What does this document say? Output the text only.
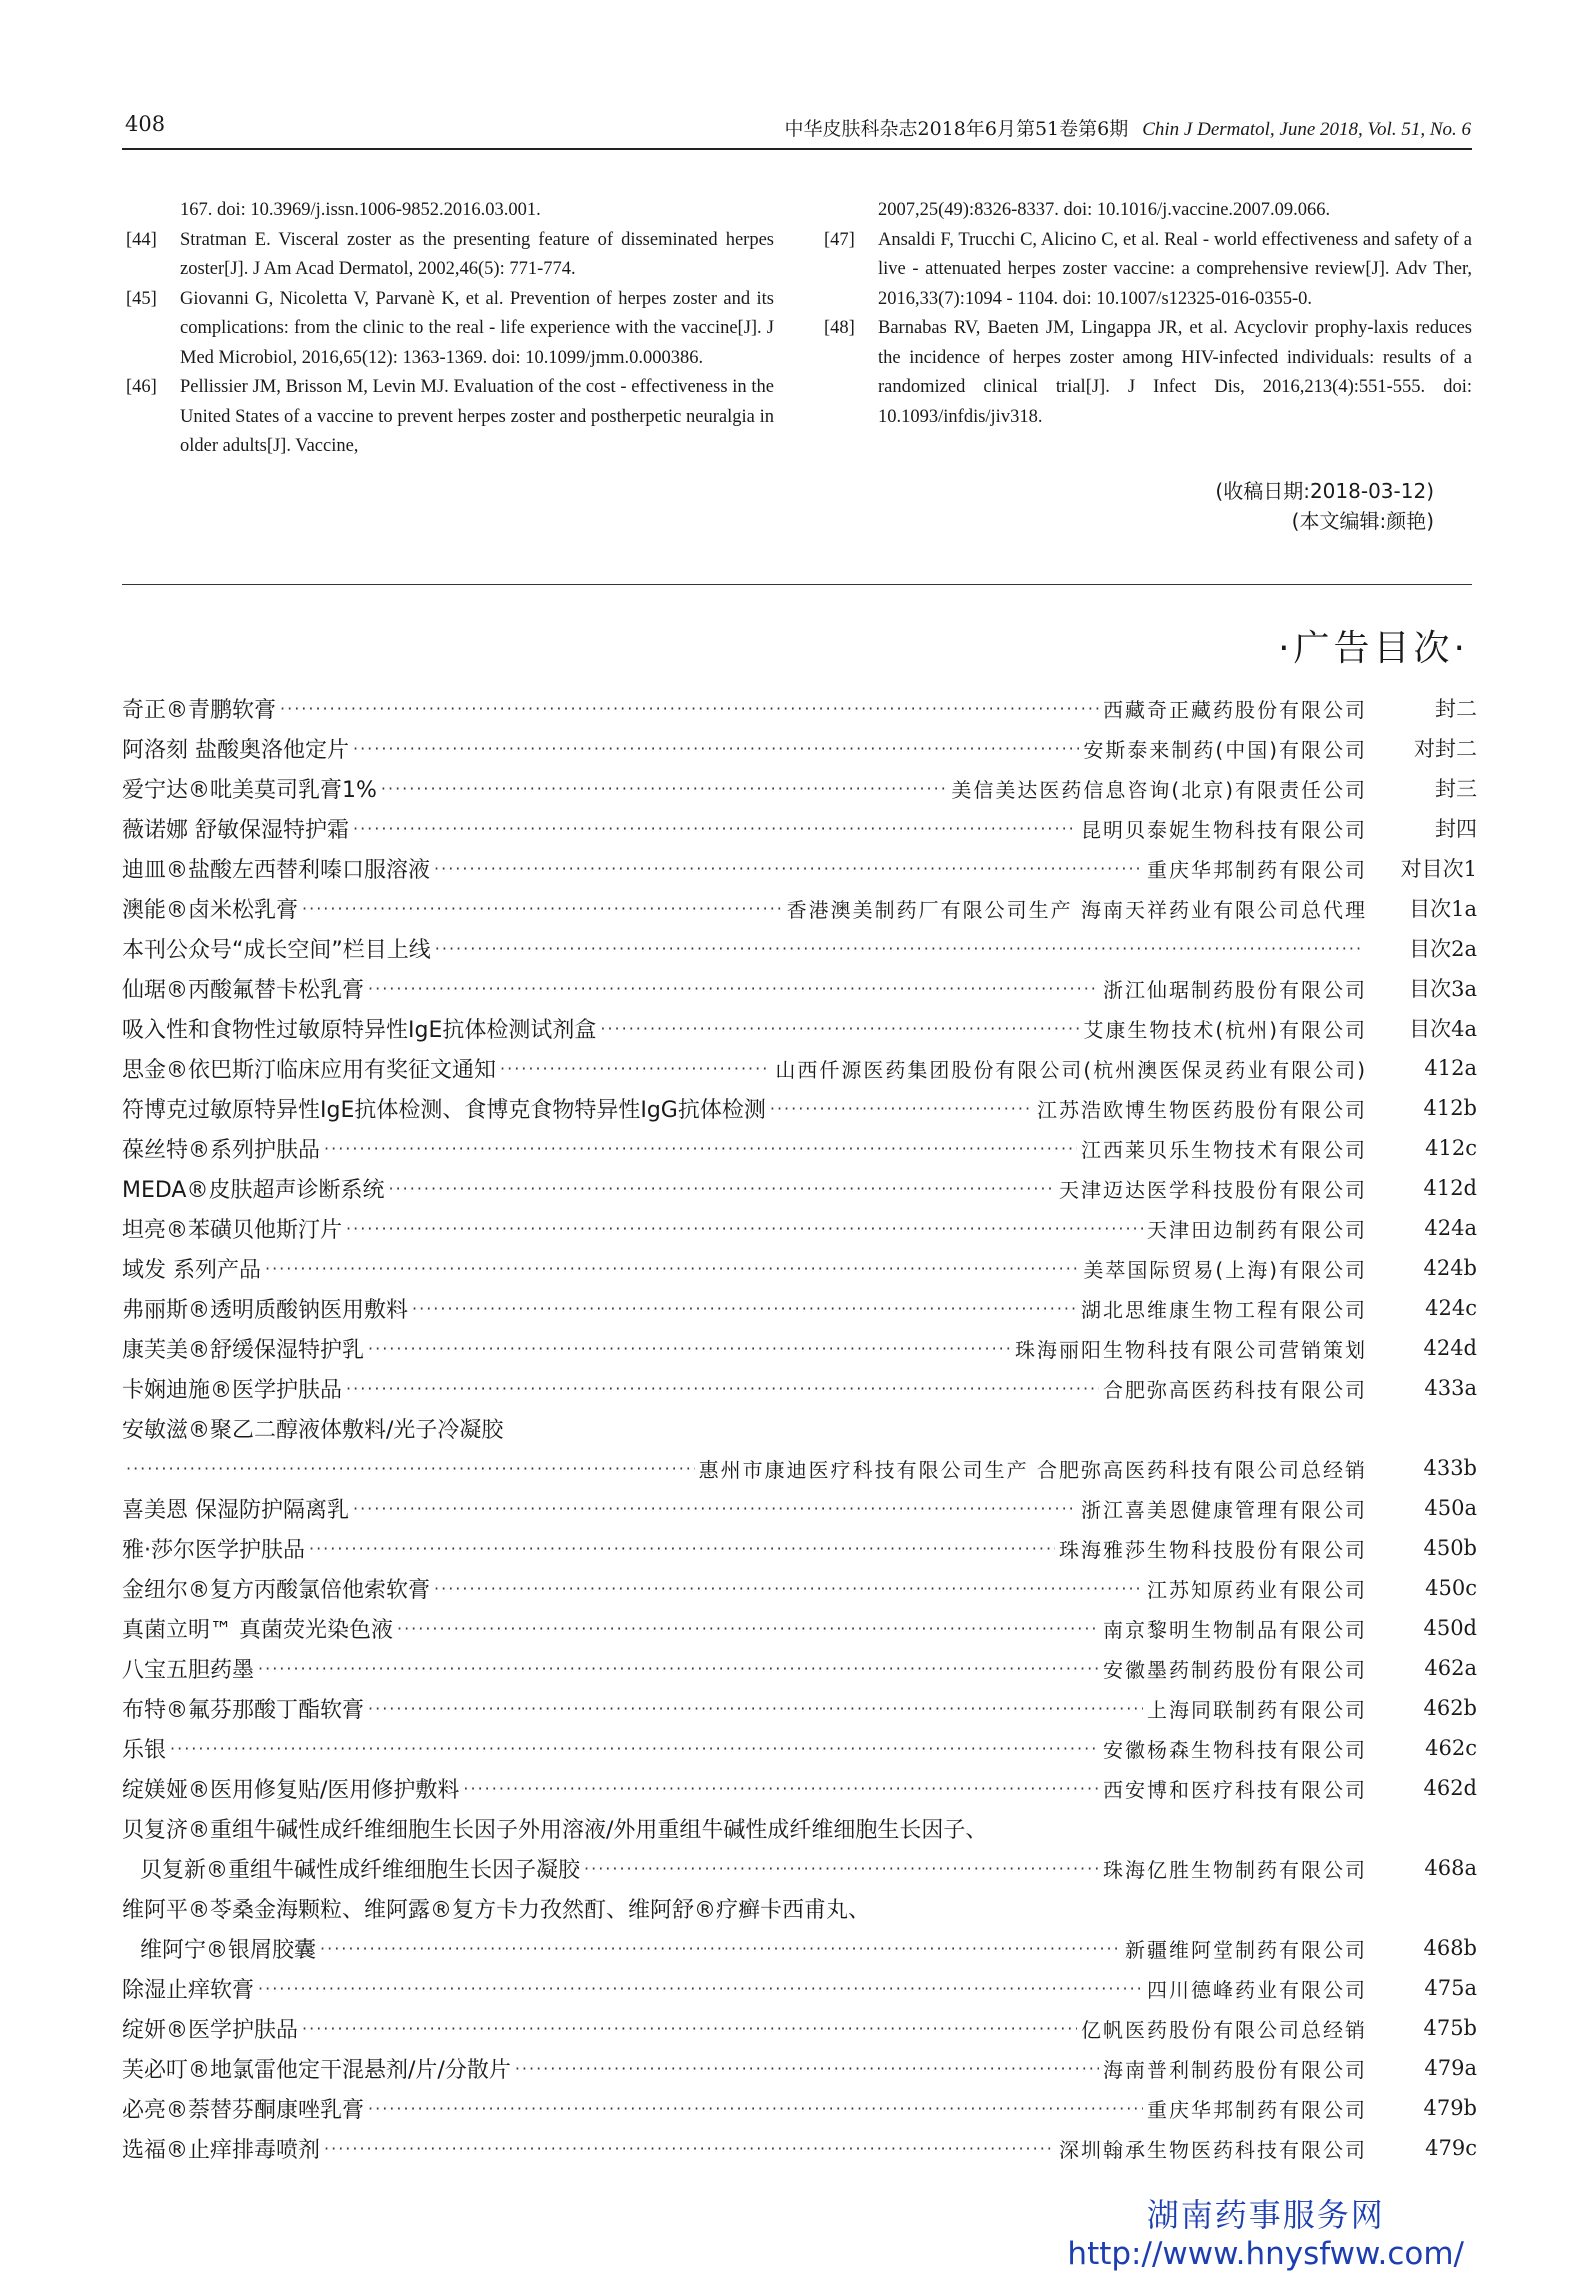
408	中华皮肤科杂志2018年6月第51卷第6期 Chin J Dermatol, June 2018, Vol. 51, No. 6
167. doi: 10.3969/j.issn.1006-9852.2016.03.001.
[44]	Stratman E. Visceral zoster as the presenting feature of disseminated herpes zoster[J]. J Am Acad Dermatol, 2002,46(5): 771-774.
[45]	Giovanni G, Nicoletta V, Parvanè K, et al. Prevention of herpes zoster and its complications: from the clinic to the real - life experience with the vaccine[J]. J Med Microbiol, 2016,65(12): 1363-1369. doi: 10.1099/jmm.0.000386.
[46]	Pellissier JM, Brisson M, Levin MJ. Evaluation of the cost - effectiveness in the United States of a vaccine to prevent herpes zoster and postherpetic neuralgia in older adults[J]. Vaccine,
2007,25(49):8326-8337. doi: 10.1016/j.vaccine.2007.09.066.
[47]	Ansaldi F, Trucchi C, Alicino C, et al. Real - world effectiveness and safety of a live - attenuated herpes zoster vaccine: a comprehensive review[J]. Adv Ther, 2016,33(7):1094 - 1104. doi: 10.1007/s12325-016-0355-0.
[48]	Barnabas RV, Baeten JM, Lingappa JR, et al. Acyclovir prophy-laxis reduces the incidence of herpes zoster among HIV-infected individuals: results of a randomized clinical trial[J]. J Infect Dis, 2016,213(4):551-555. doi: 10.1093/infdis/jiv318.
(收稿日期:2018-03-12)
(本文编辑:颜艳)
·广告目次·
奇正®青鹏软膏 ·····	西藏奇正藏药股份有限公司	封二
阿洛刻 盐酸奥洛他定片 ·····	安斯泰来制药(中国)有限公司	对封二
爱宁达®吡美莫司乳膏1% ·····	美信美达医药信息咨询(北京)有限责任公司	封三
薇诺娜 舒敏保湿特护霜 ·····	昆明贝泰妮生物科技有限公司	封四
迪皿®盐酸左西替利嗪口服溶液 ·····	重庆华邦制药有限公司	对目次1
澳能®卤米松乳膏 ·····	香港澳美制药厂有限公司生产 海南天祥药业有限公司总代理	目次1a
本刊公众号“成长空间”栏目上线 ·····	目次2a
仙琚®丙酸氟替卡松乳膏 ·····	浙江仙琚制药股份有限公司	目次3a
吸入性和食物性过敏原特异性IgE抗体检测试剂盒 ·····	艾康生物技术(杭州)有限公司	目次4a
思金®依巴斯汀临床应用有奖征文通知 ·····	山西仟源医药集团股份有限公司(杭州澳医保灵药业有限公司)	412a
符博克过敏原特异性IgE抗体检测、食博克食物特异性IgG抗体检测 ·····	江苏浩欧博生物医药股份有限公司	412b
葆丝特®系列护肤品 ·····	江西莱贝乐生物技术有限公司	412c
MEDA®皮肤超声诊断系统 ·····	天津迈达医学科技股份有限公司	412d
坦亮®苯磺贝他斯汀片 ·····	天津田边制药有限公司	424a
域发 系列产品 ·····	美萃国际贸易(上海)有限公司	424b
弗丽斯®透明质酸钠医用敷料 ·····	湖北思维康生物工程有限公司	424c
康芙美®舒缓保湿特护乳 ·····	珠海丽阳生物科技有限公司营销策划	424d
卡娴迪施®医学护肤品 ·····	合肥弥高医药科技有限公司	433a
安敏滋®聚乙二醇液体敷料/光子冷凝胶
·····
惠州市康迪医疗科技有限公司生产 合肥弥高医药科技有限公司总经销	433b
喜美恩 保湿防护隔离乳 ·····	浙江喜美恩健康管理有限公司	450a
雅·莎尔医学护肤品 ·····	珠海雅莎生物科技股份有限公司	450b
金纽尔®复方丙酸氯倍他索软膏 ·····	江苏知原药业有限公司	450c
真菌立明™ 真菌荧光染色液 ·····	南京黎明生物制品有限公司	450d
八宝五胆药墨 ·····	安徽墨药制药股份有限公司	462a
布特®氟芬那酸丁酯软膏 ·····	上海同联制药有限公司	462b
乐银 ·····	安徽杨森生物科技有限公司	462c
绽媄娅®医用修复贴/医用修护敷料 ·····	西安博和医疗科技有限公司	462d
贝复济®重组牛碱性成纤维细胞生长因子外用溶液/外用重组牛碱性成纤维细胞生长因子、
贝复新®重组牛碱性成纤维细胞生长因子凝胶 ·····	珠海亿胜生物制药有限公司	468a
维阿平®苓桑金海颗粒、维阿露®复方卡力孜然酊、维阿舒®疗癣卡西甫丸、
维阿宁®银屑胶囊 ·····	新疆维阿堂制药有限公司	468b
除湿止痒软膏 ·····	四川德峰药业有限公司	475a
绽妍®医学护肤品 ·····	亿帆医药股份有限公司总经销	475b
芙必叮®地氯雷他定干混悬剂/片/分散片 ·····	海南普利制药股份有限公司	479a
必亮®萘替芬酮康唑乳膏 ·····	重庆华邦制药有限公司	479b
选福®止痒排毒喷剂 ·····	深圳翰承生物医药科技有限公司	479c
湖南药事服务网
http://www.hnysfww.com/
